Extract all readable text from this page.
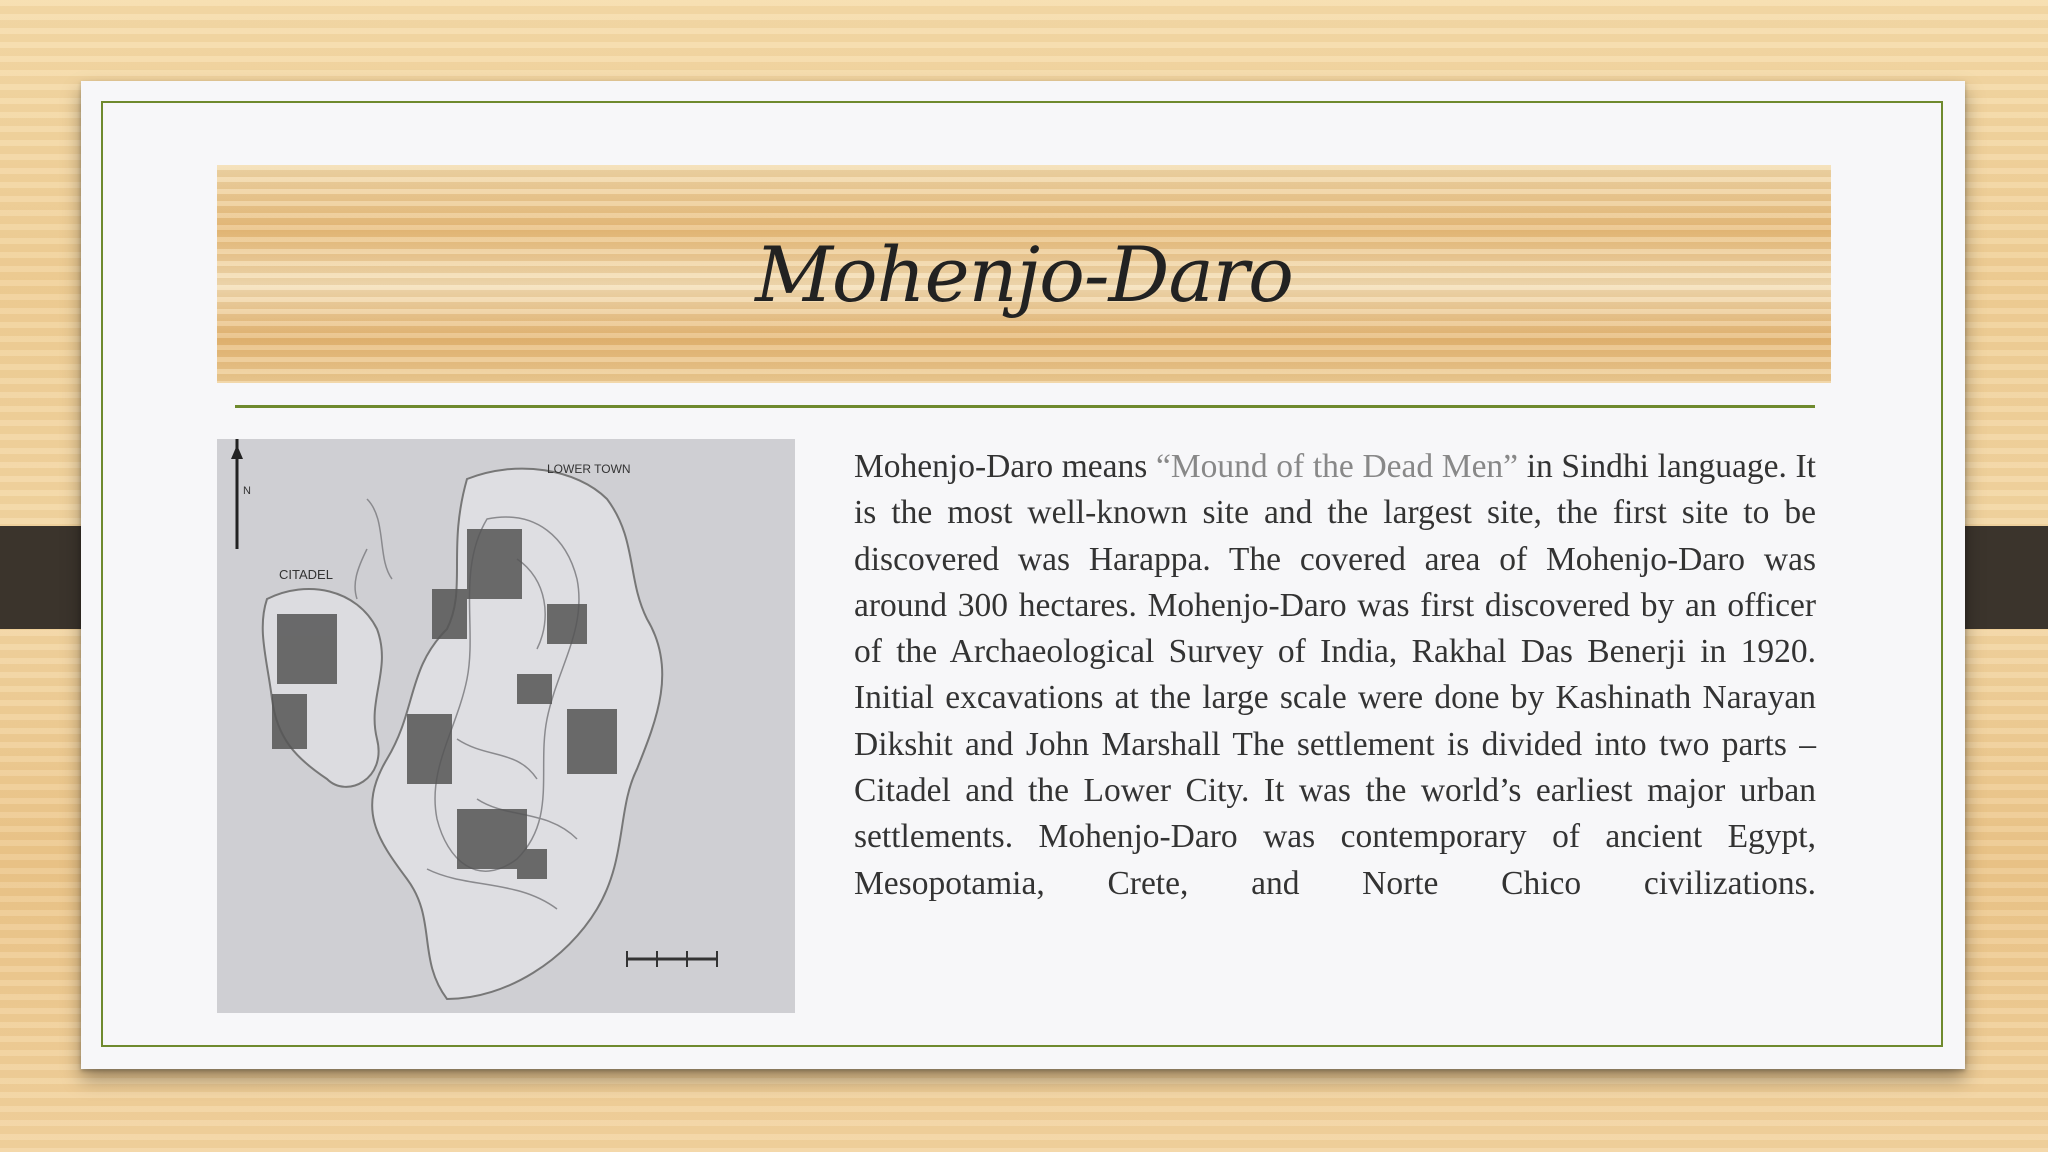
Mohenjo-Daro
LOWER TOWN
CITADEL
N
Mohenjo-Daro means “Mound of the Dead Men” in Sindhi language. It is the most well-known site and the largest site, the first site to be discovered was Harappa. The covered area of Mohenjo-Daro was around 300 hectares. Mohenjo-Daro was first discovered by an officer of the Archaeological Survey of India, Rakhal Das Benerji in 1920. Initial excavations at the large scale were done by Kashinath Narayan Dikshit and John Marshall The settlement is divided into two parts – Citadel and the Lower City. It was the world’s earliest major urban settlements. Mohenjo-Daro was contemporary of ancient Egypt, Mesopotamia, Crete, and Norte Chico civilizations.
